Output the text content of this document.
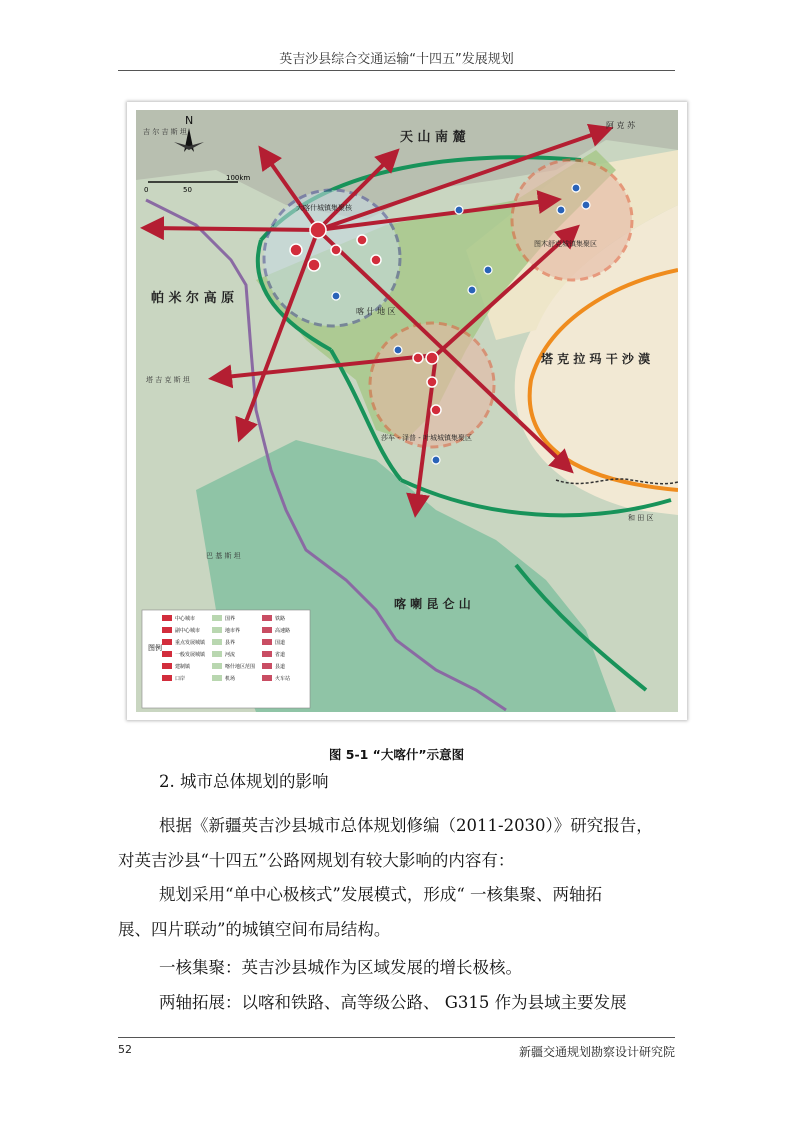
英吉沙县综合交通运输“十四五”发展规划
N
0	50
100km
吉 尔 吉 斯 坦	天 山 南 麓
阿 克 苏
大喀什城镇集聚核
图木舒克城镇集聚区
帕 米 尔 高 原
喀 什 地 区
塔 克 拉 玛 干 沙 漠
塔 吉 克 斯 坦
莎车 - 泽普 - 叶城城镇集聚区
和 田 区
巴 基 斯 坦
喀 喇 昆 仑 山
图例
中心城市	国界	铁路
副中心城市	地市界	高速路
重点发展城镇	县界	国道
一般发展城镇	河流	省道
建制镇	喀什地区范围	县道
口岸	机场	火车站
图 5-1 “大喀什”示意图
2. 城市总体规划的影响
根据《新疆英吉沙县城市总体规划修编（2011-2030）》研究报告，
对英吉沙县“十四五”公路网规划有较大影响的内容有：
规划采用“单中心极核式”发展模式，形成“ 一核集聚、两轴拓
展、四片联动”的城镇空间布局结构。
一核集聚：英吉沙县城作为区域发展的增长极核。
两轴拓展：以喀和铁路、高等级公路、 G315 作为县域主要发展
52	新疆交通规划勘察设计研究院
